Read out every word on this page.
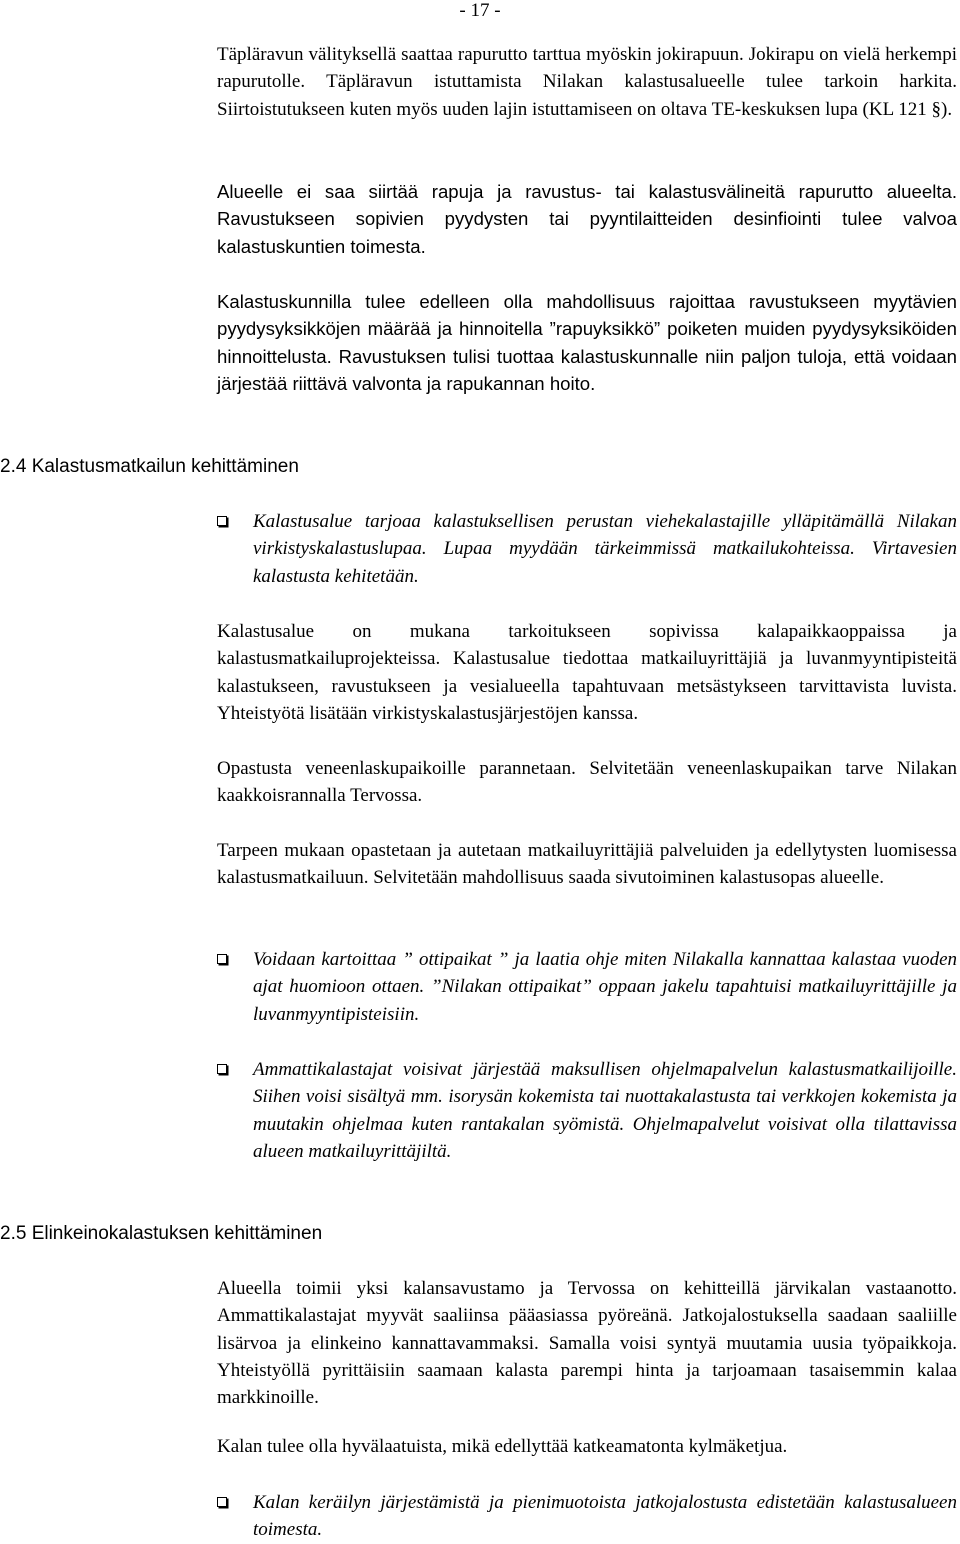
- 17 -

Täpläravun välityksellä saattaa rapurutto tarttua myöskin jokirapuun. Jokirapu on vielä herkempi rapurutolle. Täpläravun istuttamista Nilakan kalastusalueelle tulee tarkoin harkita. Siirtoistutukseen kuten myös uuden lajin istuttamiseen on oltava TE-keskuksen lupa (KL 121 §).

Alueelle ei saa siirtää rapuja ja ravustus- tai kalastusvälineitä rapurutto alueelta. Ravustukseen sopivien pyydysten tai pyyntilaitteiden desinfiointi tulee valvoa kalastuskuntien toimesta.

Kalastuskunnilla tulee edelleen olla mahdollisuus rajoittaa ravustukseen myytävien pyydysyksikköjen määrää ja hinnoitella ”rapuyksikkö” poiketen muiden pyydysyksiköiden hinnoittelusta. Ravustuksen tulisi tuottaa kalastuskunnalle niin paljon tuloja, että voidaan järjestää riittävä valvonta ja rapukannan hoito.

2.4 Kalastusmatkailun kehittäminen

Kalastusalue tarjoaa kalastuksellisen perustan viehekalastajille ylläpitämällä Nilakan virkistyskalastuslupaa. Lupaa myydään tärkeimmissä matkailukohteissa. Virtavesien kalastusta kehitetään.

Kalastusalue on mukana tarkoitukseen sopivissa kalapaikkaoppaissa ja kalastusmatkailuprojekteissa. Kalastusalue tiedottaa matkailuyrittäjiä ja luvanmyyntipisteitä kalastukseen, ravustukseen ja vesialueella tapahtuvaan metsästykseen tarvittavista luvista. Yhteistyötä lisätään virkistyskalastusjärjestöjen kanssa.

Opastusta veneenlaskupaikoille parannetaan. Selvitetään veneenlaskupaikan tarve Nilakan kaakkoisrannalla Tervossa.

Tarpeen mukaan opastetaan ja autetaan matkailuyrittäjiä palveluiden ja edellytysten luomisessa kalastusmatkailuun. Selvitetään mahdollisuus saada sivutoiminen kalastusopas alueelle.

Voidaan kartoittaa ” ottipaikat ” ja laatia ohje miten Nilakalla kannattaa kalastaa vuoden ajat huomioon ottaen. ”Nilakan ottipaikat” oppaan jakelu tapahtuisi matkailuyrittäjille ja luvanmyyntipisteisiin.

Ammattikalastajat voisivat järjestää maksullisen ohjelmapalvelun kalastusmatkailijoille. Siihen voisi sisältyä mm. isorysän kokemista tai nuottakalastusta tai verkkojen kokemista ja muutakin ohjelmaa kuten rantakalan syömistä. Ohjelmapalvelut voisivat olla tilattavissa alueen matkailuyrittäjiltä.

2.5 Elinkeinokalastuksen kehittäminen

Alueella toimii yksi kalansavustamo ja Tervossa on kehitteillä järvikalan vastaanotto. Ammattikalastajat myyvät saaliinsa pääasiassa pyöreänä. Jatkojalostuksella saadaan saaliille lisärvoa ja elinkeino kannattavammaksi. Samalla voisi syntyä muutamia uusia työpaikkoja. Yhteistyöllä pyrittäisiin saamaan kalasta parempi hinta ja tarjoamaan tasaisemmin kalaa markkinoille.

Kalan tulee olla hyvälaatuista, mikä edellyttää katkeamatonta kylmäketjua.

Kalan keräilyn järjestämistä ja pienimuotoista jatkojalostusta edistetään kalastusalueen toimesta.
